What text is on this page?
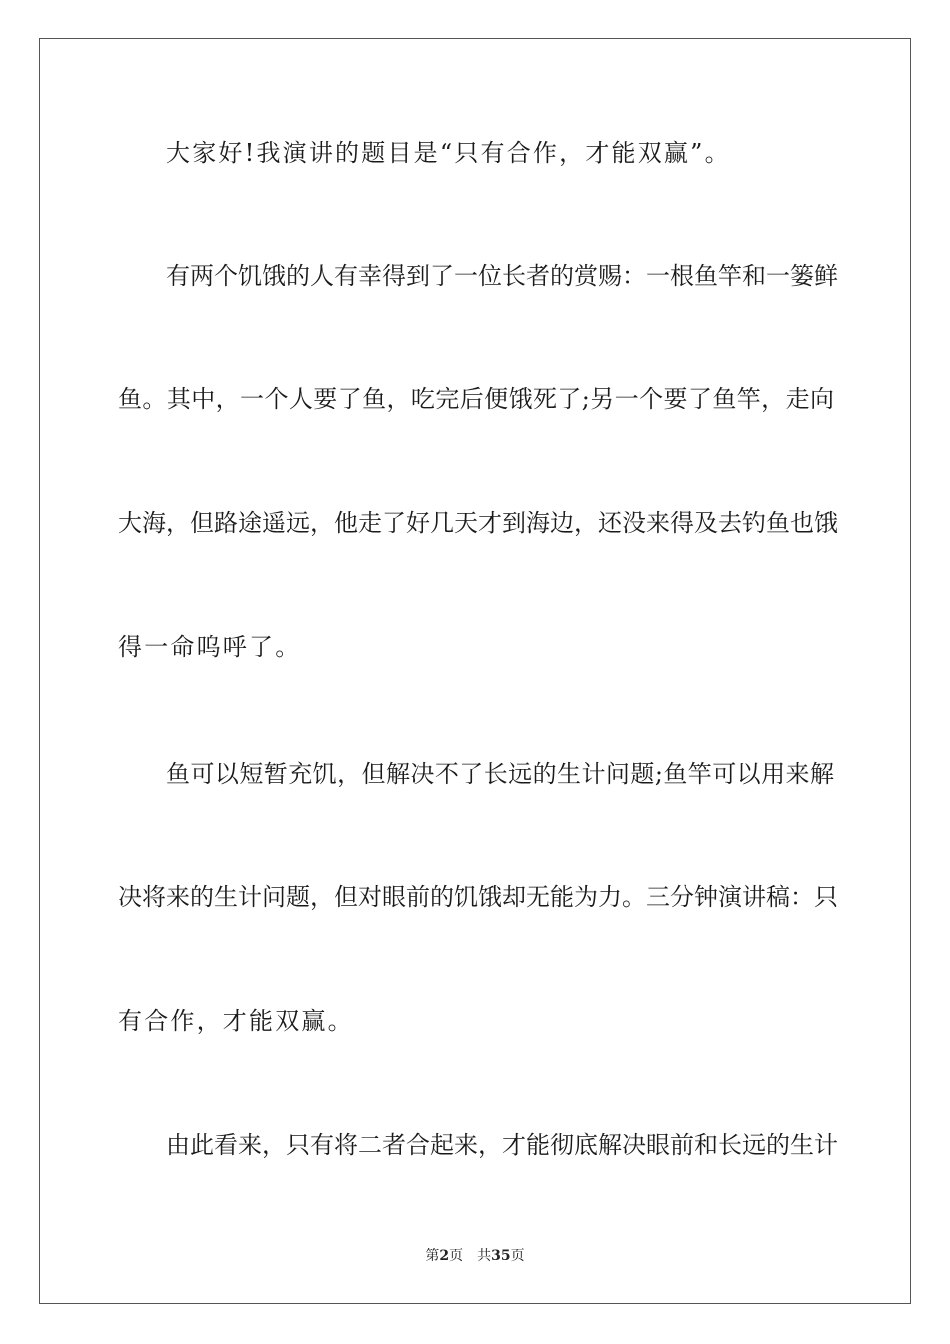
大家好!我演讲的题目是“只有合作，才能双赢”。
有两个饥饿的人有幸得到了一位长者的赏赐：一根鱼竿和一篓鲜
鱼。其中，一个人要了鱼，吃完后便饿死了;另一个要了鱼竿，走向
大海，但路途遥远，他走了好几天才到海边，还没来得及去钓鱼也饿
得一命呜呼了。
鱼可以短暂充饥，但解决不了长远的生计问题;鱼竿可以用来解
决将来的生计问题，但对眼前的饥饿却无能为力。三分钟演讲稿：只
有合作，才能双赢。
由此看来，只有将二者合起来，才能彻底解决眼前和长远的生计
第2页 共35页
